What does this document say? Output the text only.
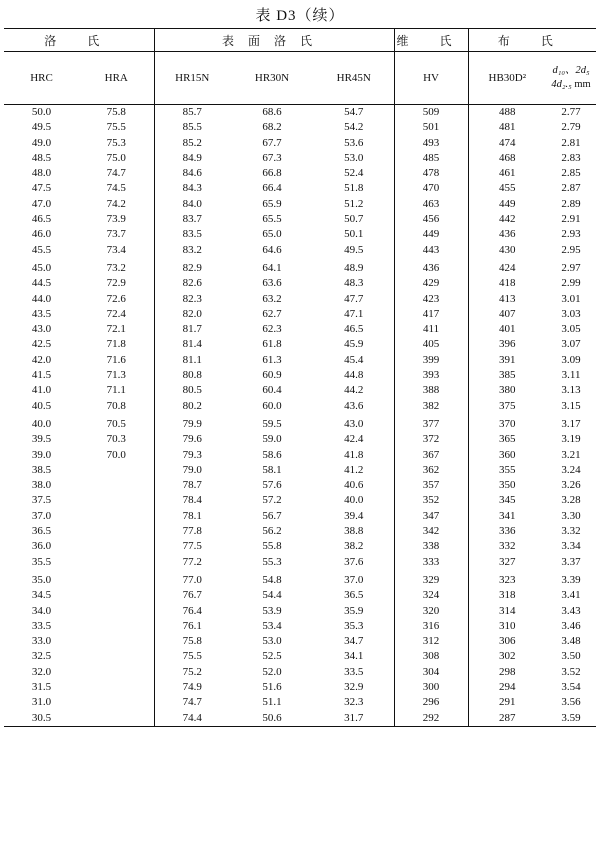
表 D3（续）
洛 氏		表面洛氏			维 氏	布 氏	
HRC	HRA	HR15N	HR30N	HR45N	HV	HB30D²	d₁₀、2d₅
4d₂.₅ mm

50.0	75.8	85.7	68.6	54.7	509	488	2.77
49.5	75.5	85.5	68.2	54.2	501	481	2.79
49.0	75.3	85.2	67.7	53.6	493	474	2.81
48.5	75.0	84.9	67.3	53.0	485	468	2.83
48.0	74.7	84.6	66.8	52.4	478	461	2.85
47.5	74.5	84.3	66.4	51.8	470	455	2.87
47.0	74.2	84.0	65.9	51.2	463	449	2.89
46.5	73.9	83.7	65.5	50.7	456	442	2.91
46.0	73.7	83.5	65.0	50.1	449	436	2.93
45.5	73.4	83.2	64.6	49.5	443	430	2.95
45.0	73.2	82.9	64.1	48.9	436	424	2.97
44.5	72.9	82.6	63.6	48.3	429	418	2.99
44.0	72.6	82.3	63.2	47.7	423	413	3.01
43.5	72.4	82.0	62.7	47.1	417	407	3.03
43.0	72.1	81.7	62.3	46.5	411	401	3.05
42.5	71.8	81.4	61.8	45.9	405	396	3.07
42.0	71.6	81.1	61.3	45.4	399	391	3.09
41.5	71.3	80.8	60.9	44.8	393	385	3.11
41.0	71.1	80.5	60.4	44.2	388	380	3.13
40.5	70.8	80.2	60.0	43.6	382	375	3.15
40.0	70.5	79.9	59.5	43.0	377	370	3.17
39.5	70.3	79.6	59.0	42.4	372	365	3.19
39.0	70.0	79.3	58.6	41.8	367	360	3.21
38.5		79.0	58.1	41.2	362	355	3.24
38.0		78.7	57.6	40.6	357	350	3.26
37.5		78.4	57.2	40.0	352	345	3.28
37.0		78.1	56.7	39.4	347	341	3.30
36.5		77.8	56.2	38.8	342	336	3.32
36.0		77.5	55.8	38.2	338	332	3.34
35.5		77.2	55.3	37.6	333	327	3.37
35.0		77.0	54.8	37.0	329	323	3.39
34.5		76.7	54.4	36.5	324	318	3.41
34.0		76.4	53.9	35.9	320	314	3.43
33.5		76.1	53.4	35.3	316	310	3.46
33.0		75.8	53.0	34.7	312	306	3.48
32.5		75.5	52.5	34.1	308	302	3.50
32.0		75.2	52.0	33.5	304	298	3.52
31.5		74.9	51.6	32.9	300	294	3.54
31.0		74.7	51.1	32.3	296	291	3.56
30.5		74.4	50.6	31.7	292	287	3.59
